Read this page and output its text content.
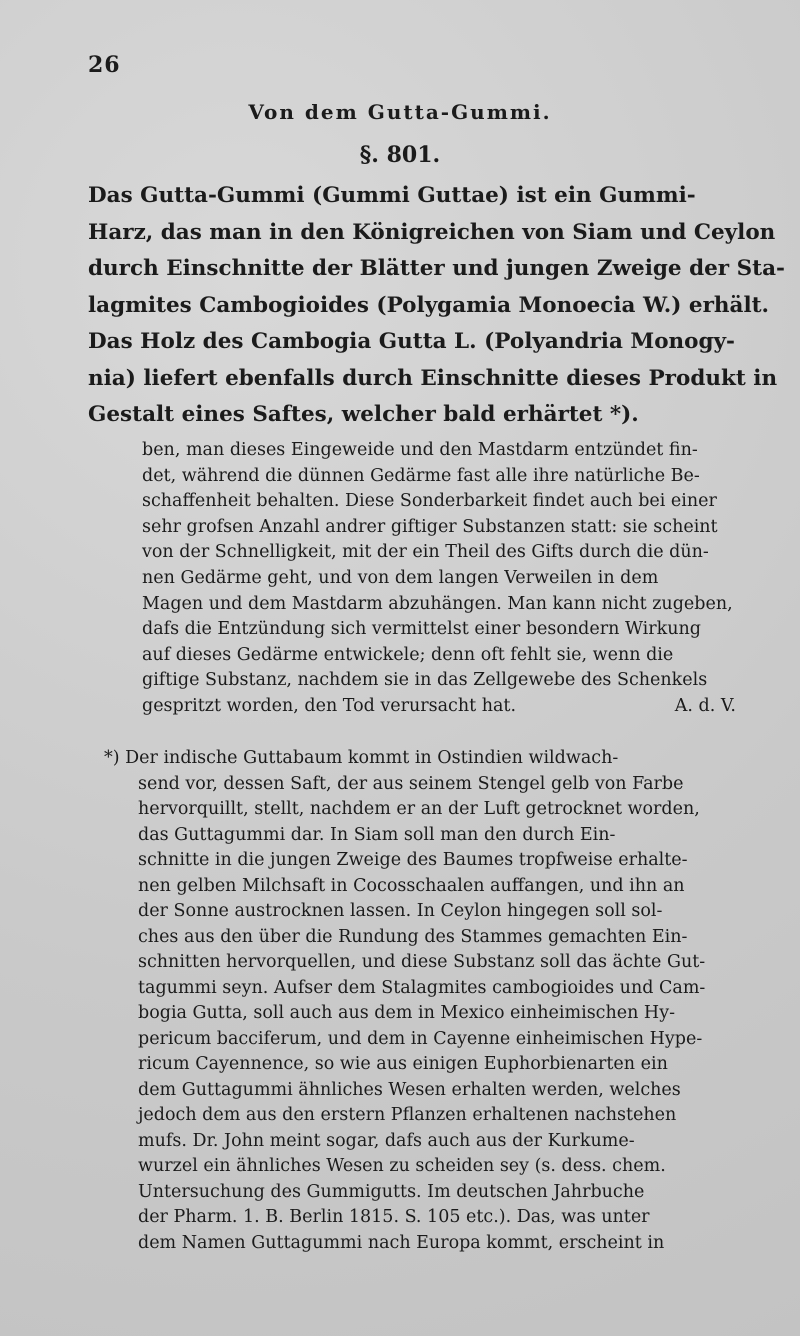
26
Von dem Gutta-Gummi.
§. 801.
Das Gutta-Gummi (Gummi Guttae) ist ein Gummi-
Harz, das man in den Königreichen von Siam und Ceylon
durch Einschnitte der Blätter und jungen Zweige der Sta-
lagmites Cambogioides (Polygamia Monoecia W.) erhält.
Das Holz des Cambogia Gutta L. (Polyandria Monogy-
nia) liefert ebenfalls durch Einschnitte dieses Produkt in
Gestalt eines Saftes, welcher bald erhärtet *).
ben, man dieses Eingeweide und den Mastdarm entzündet fin-
det, während die dünnen Gedärme fast alle ihre natürliche Be-
schaffenheit behalten. Diese Sonderbarkeit findet auch bei einer
sehr grofsen Anzahl andrer giftiger Substanzen statt: sie scheint
von der Schnelligkeit, mit der ein Theil des Gifts durch die dün-
nen Gedärme geht, und von dem langen Verweilen in dem
Magen und dem Mastdarm abzuhängen. Man kann nicht zugeben,
dafs die Entzündung sich vermittelst einer besondern Wirkung
auf dieses Gedärme entwickele; denn oft fehlt sie, wenn die
giftige Substanz, nachdem sie in das Zellgewebe des Schenkels
gespritzt worden, den Tod verursacht hat.	A. d. V.
*) Der indische Guttabaum kommt in Ostindien wildwach-
send vor, dessen Saft, der aus seinem Stengel gelb von Farbe
hervorquillt, stellt, nachdem er an der Luft getrocknet worden,
das Guttagummi dar. In Siam soll man den durch Ein-
schnitte in die jungen Zweige des Baumes tropfweise erhalte-
nen gelben Milchsaft in Cocosschaalen auffangen, und ihn an
der Sonne austrocknen lassen. In Ceylon hingegen soll sol-
ches aus den über die Rundung des Stammes gemachten Ein-
schnitten hervorquellen, und diese Substanz soll das ächte Gut-
tagummi seyn. Aufser dem Stalagmites cambogioides und Cam-
bogia Gutta, soll auch aus dem in Mexico einheimischen Hy-
pericum bacciferum, und dem in Cayenne einheimischen Hype-
ricum Cayennence, so wie aus einigen Euphorbienarten ein
dem Guttagummi ähnliches Wesen erhalten werden, welches
jedoch dem aus den erstern Pflanzen erhaltenen nachstehen
mufs. Dr. John meint sogar, dafs auch aus der Kurkume-
wurzel ein ähnliches Wesen zu scheiden sey (s. dess. chem.
Untersuchung des Gummigutts. Im deutschen Jahrbuche
der Pharm. 1. B. Berlin 1815. S. 105 etc.). Das, was unter
dem Namen Guttagummi nach Europa kommt, erscheint in
